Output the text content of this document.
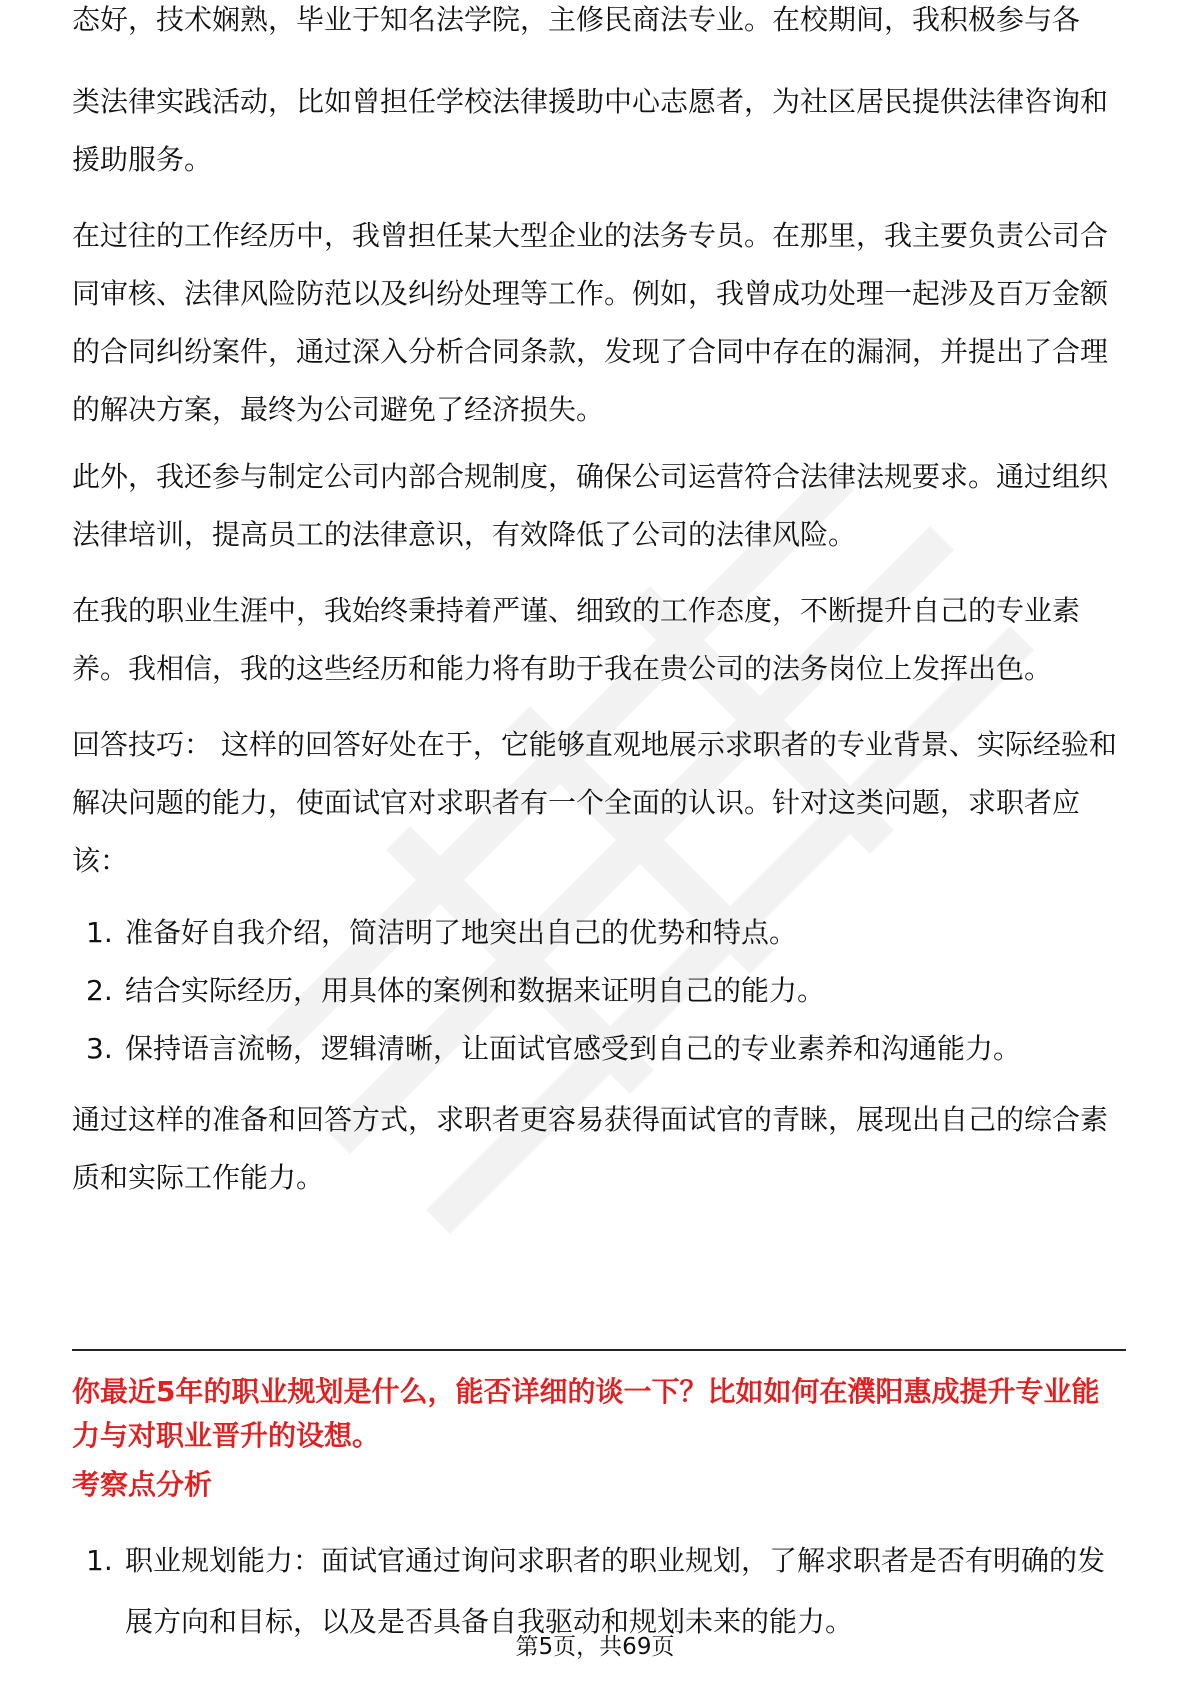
态好，技术娴熟，毕业于知名法学院，主修民商法专业。在校期间，我积极参与各

类法律实践活动，比如曾担任学校法律援助中心志愿者，为社区居民提供法律咨询和援助服务。

在过往的工作经历中，我曾担任某大型企业的法务专员。在那里，我主要负责公司合同审核、法律风险防范以及纠纷处理等工作。例如，我曾成功处理一起涉及百万金额的合同纠纷案件，通过深入分析合同条款，发现了合同中存在的漏洞，并提出了合理的解决方案，最终为公司避免了经济损失。

此外，我还参与制定公司内部合规制度，确保公司运营符合法律法规要求。通过组织法律培训，提高员工的法律意识，有效降低了公司的法律风险。

在我的职业生涯中，我始终秉持着严谨、细致的工作态度，不断提升自己的专业素养。我相信，我的这些经历和能力将有助于我在贵公司的法务岗位上发挥出色。

回答技巧： 这样的回答好处在于，它能够直观地展示求职者的专业背景、实际经验和解决问题的能力，使面试官对求职者有一个全面的认识。针对这类问题，求职者应该：

1. 准备好自我介绍，简洁明了地突出自己的优势和特点。
2. 结合实际经历，用具体的案例和数据来证明自己的能力。
3. 保持语言流畅，逻辑清晰，让面试官感受到自己的专业素养和沟通能力。

通过这样的准备和回答方式，求职者更容易获得面试官的青睐，展现出自己的综合素质和实际工作能力。

你最近5年的职业规划是什么，能否详细的谈一下？比如如何在濮阳惠成提升专业能力与对职业晋升的设想。

考察点分析

1. 职业规划能力：面试官通过询问求职者的职业规划，了解求职者是否有明确的发展方向和目标，以及是否具备自我驱动和规划未来的能力。
第5页，共69页
